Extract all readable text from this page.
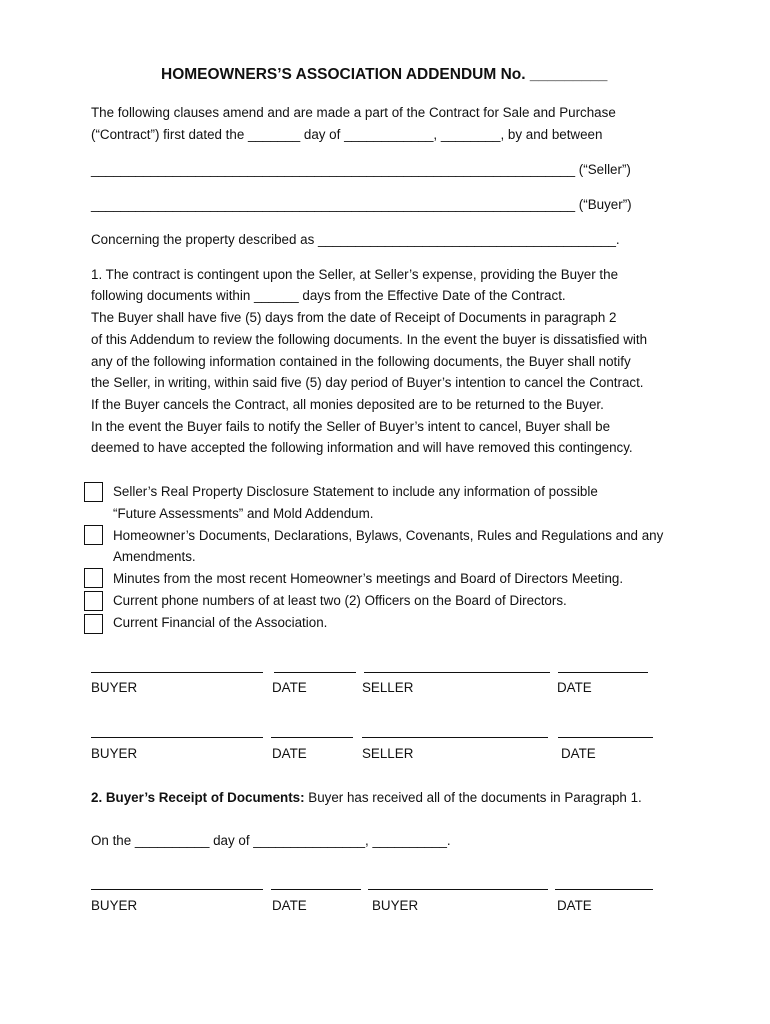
HOMEOWNERS’S ASSOCIATION ADDENDUM No. _________
The following clauses amend and are made a part of the Contract for Sale and Purchase
(“Contract”) first dated the _______ day of ____________, ________, by and between
_________________________________________________________________ (“Seller”)
_________________________________________________________________ (“Buyer”)
Concerning the property described as ________________________________________.
1. The contract is contingent upon the Seller, at Seller’s expense, providing the Buyer the
following documents within ______ days from the Effective Date of the Contract.
The Buyer shall have five (5) days from the date of Receipt of Documents in paragraph 2
of this Addendum to review the following documents. In the event the buyer is dissatisfied with
any of the following information contained in the following documents, the Buyer shall notify
the Seller, in writing, within said five (5) day period of Buyer’s intention to cancel the Contract.
If the Buyer cancels the Contract, all monies deposited are to be returned to the Buyer.
In the event the Buyer fails to notify the Seller of Buyer’s intent to cancel, Buyer shall be
deemed to have accepted the following information and will have removed this contingency.
Seller’s Real Property Disclosure Statement to include any information of possible
“Future Assessments” and Mold Addendum.
Homeowner’s Documents, Declarations, Bylaws, Covenants, Rules and Regulations and any
Amendments.
Minutes from the most recent Homeowner’s meetings and Board of Directors Meeting.
Current phone numbers of at least two (2) Officers on the Board of Directors.
Current Financial of the Association.
BUYER	DATE	SELLER	DATE
BUYER	DATE	SELLER	DATE
2. Buyer’s Receipt of Documents: Buyer has received all of the documents in Paragraph 1.
On the __________ day of _______________, __________.
BUYER	DATE	BUYER	DATE
